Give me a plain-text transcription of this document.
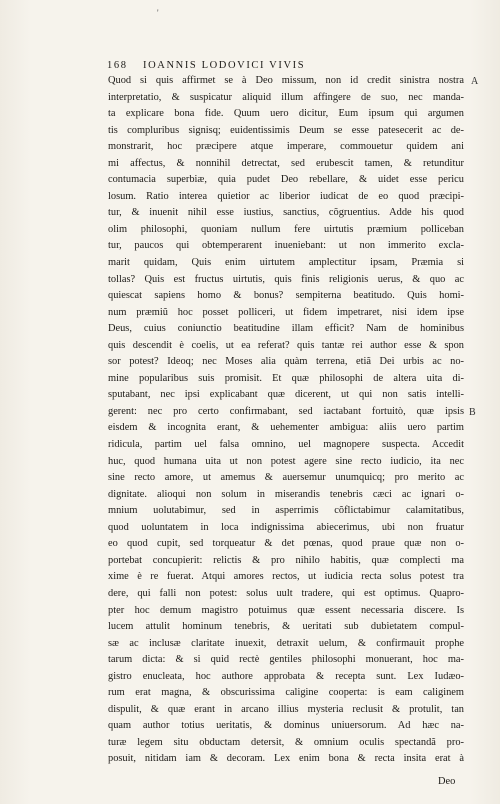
'
168 IOANNIS LODOVICI VIVIS
A
B
Quod si quis affirmet se à Deo missum, non id credit sinistra nostra
interpretatio, & suspicatur aliquid illum affingere de suo, nec manda-
ta explicare bona fide. Quum uero dicitur, Eum ipsum qui argumen
tis compluribus signisq; euidentissimis Deum se esse patesecerit ac de-
monstrarit, hoc præcipere atque imperare, commouetur quidem ani
mi affectus, & nonnihil detrectat, sed erubescit tamen, & retunditur
contumacia superbiæ, quia pudet Deo rebellare, & uidet esse pericu
losum. Ratio interea quietior ac liberior iudicat de eo quod præcipi-
tur, & inuenit nihil esse iustius, sanctius, cõgruentius. Adde his quod
olim philosophi, quoniam nullum fere uirtutis præmium polliceban
tur, paucos qui obtemperarent inueniebant: ut non immerito excla-
marit quidam, Quis enim uirtutem amplectitur ipsam, Præmia si
tollas? Quis est fructus uirtutis, quis finis religionis uerus, & quo ac
quiescat sapiens homo & bonus? sempiterna beatitudo. Quis homi-
num præmiũ hoc posset polliceri, ut fidem impetraret, nisi idem ipse
Deus, cuius coniunctio beatitudine illam efficit? Nam de hominibus
quis descendit è coelis, ut ea referat? quis tantæ rei author esse & spon
sor potest? Ideoq; nec Moses alia quàm terrena, etiã Dei urbis ac no-
mine popularibus suis promisit. Et quæ philosophi de altera uita di-
sputabant, nec ipsi explicabant quæ dicerent, ut qui non satis intelli-
gerent: nec pro certo confirmabant, sed iactabant fortuitò, quæ ipsis
eisdem & incognita erant, & uehementer ambigua: aliis uero partim
ridicula, partim uel falsa omnino, uel magnopere suspecta. Accedit
huc, quod humana uita ut non potest agere sine recto iudicio, ita nec
sine recto amore, ut amemus & auersemur unumquicq; pro merito ac
dignitate. alioqui non solum in miserandis tenebris cæci ac ignari o-
mnium uolutabimur, sed in asperrimis cõflictabimur calamitatibus,
quod uoluntatem in loca indignissima abiecerimus, ubi non fruatur
eo quod cupit, sed torqueatur & det pœnas, quod praue quæ non o-
portebat concupierit: relictis & pro nihilo habitis, quæ complecti ma
xime è re fuerat. Atqui amores rectos, ut iudicia recta solus potest tra
dere, qui falli non potest: solus uult tradere, qui est optimus. Quapro-
pter hoc demum magistro potuimus quæ essent necessaria discere. Is
lucem attulit hominum tenebris, & ueritati sub dubietatem compul-
sæ ac inclusæ claritate inuexit, detraxit uelum, & confirmauit prophe
tarum dicta: & si quid rectè gentiles philosophi monuerant, hoc ma-
gistro enucleata, hoc authore approbata & recepta sunt. Lex Iudæo-
rum erat magna, & obscurissima caligine cooperta: is eam caliginem
dispulit, & quæ erant in arcano illius mysteria reclusit & protulit, tan
quam author totius ueritatis, & dominus uniuersorum. Ad hæc na-
turæ legem situ obductam detersit, & omnium oculis spectandã pro-
posuit, nitidam iam & decoram. Lex enim bona & recta insita erat à
Deo
